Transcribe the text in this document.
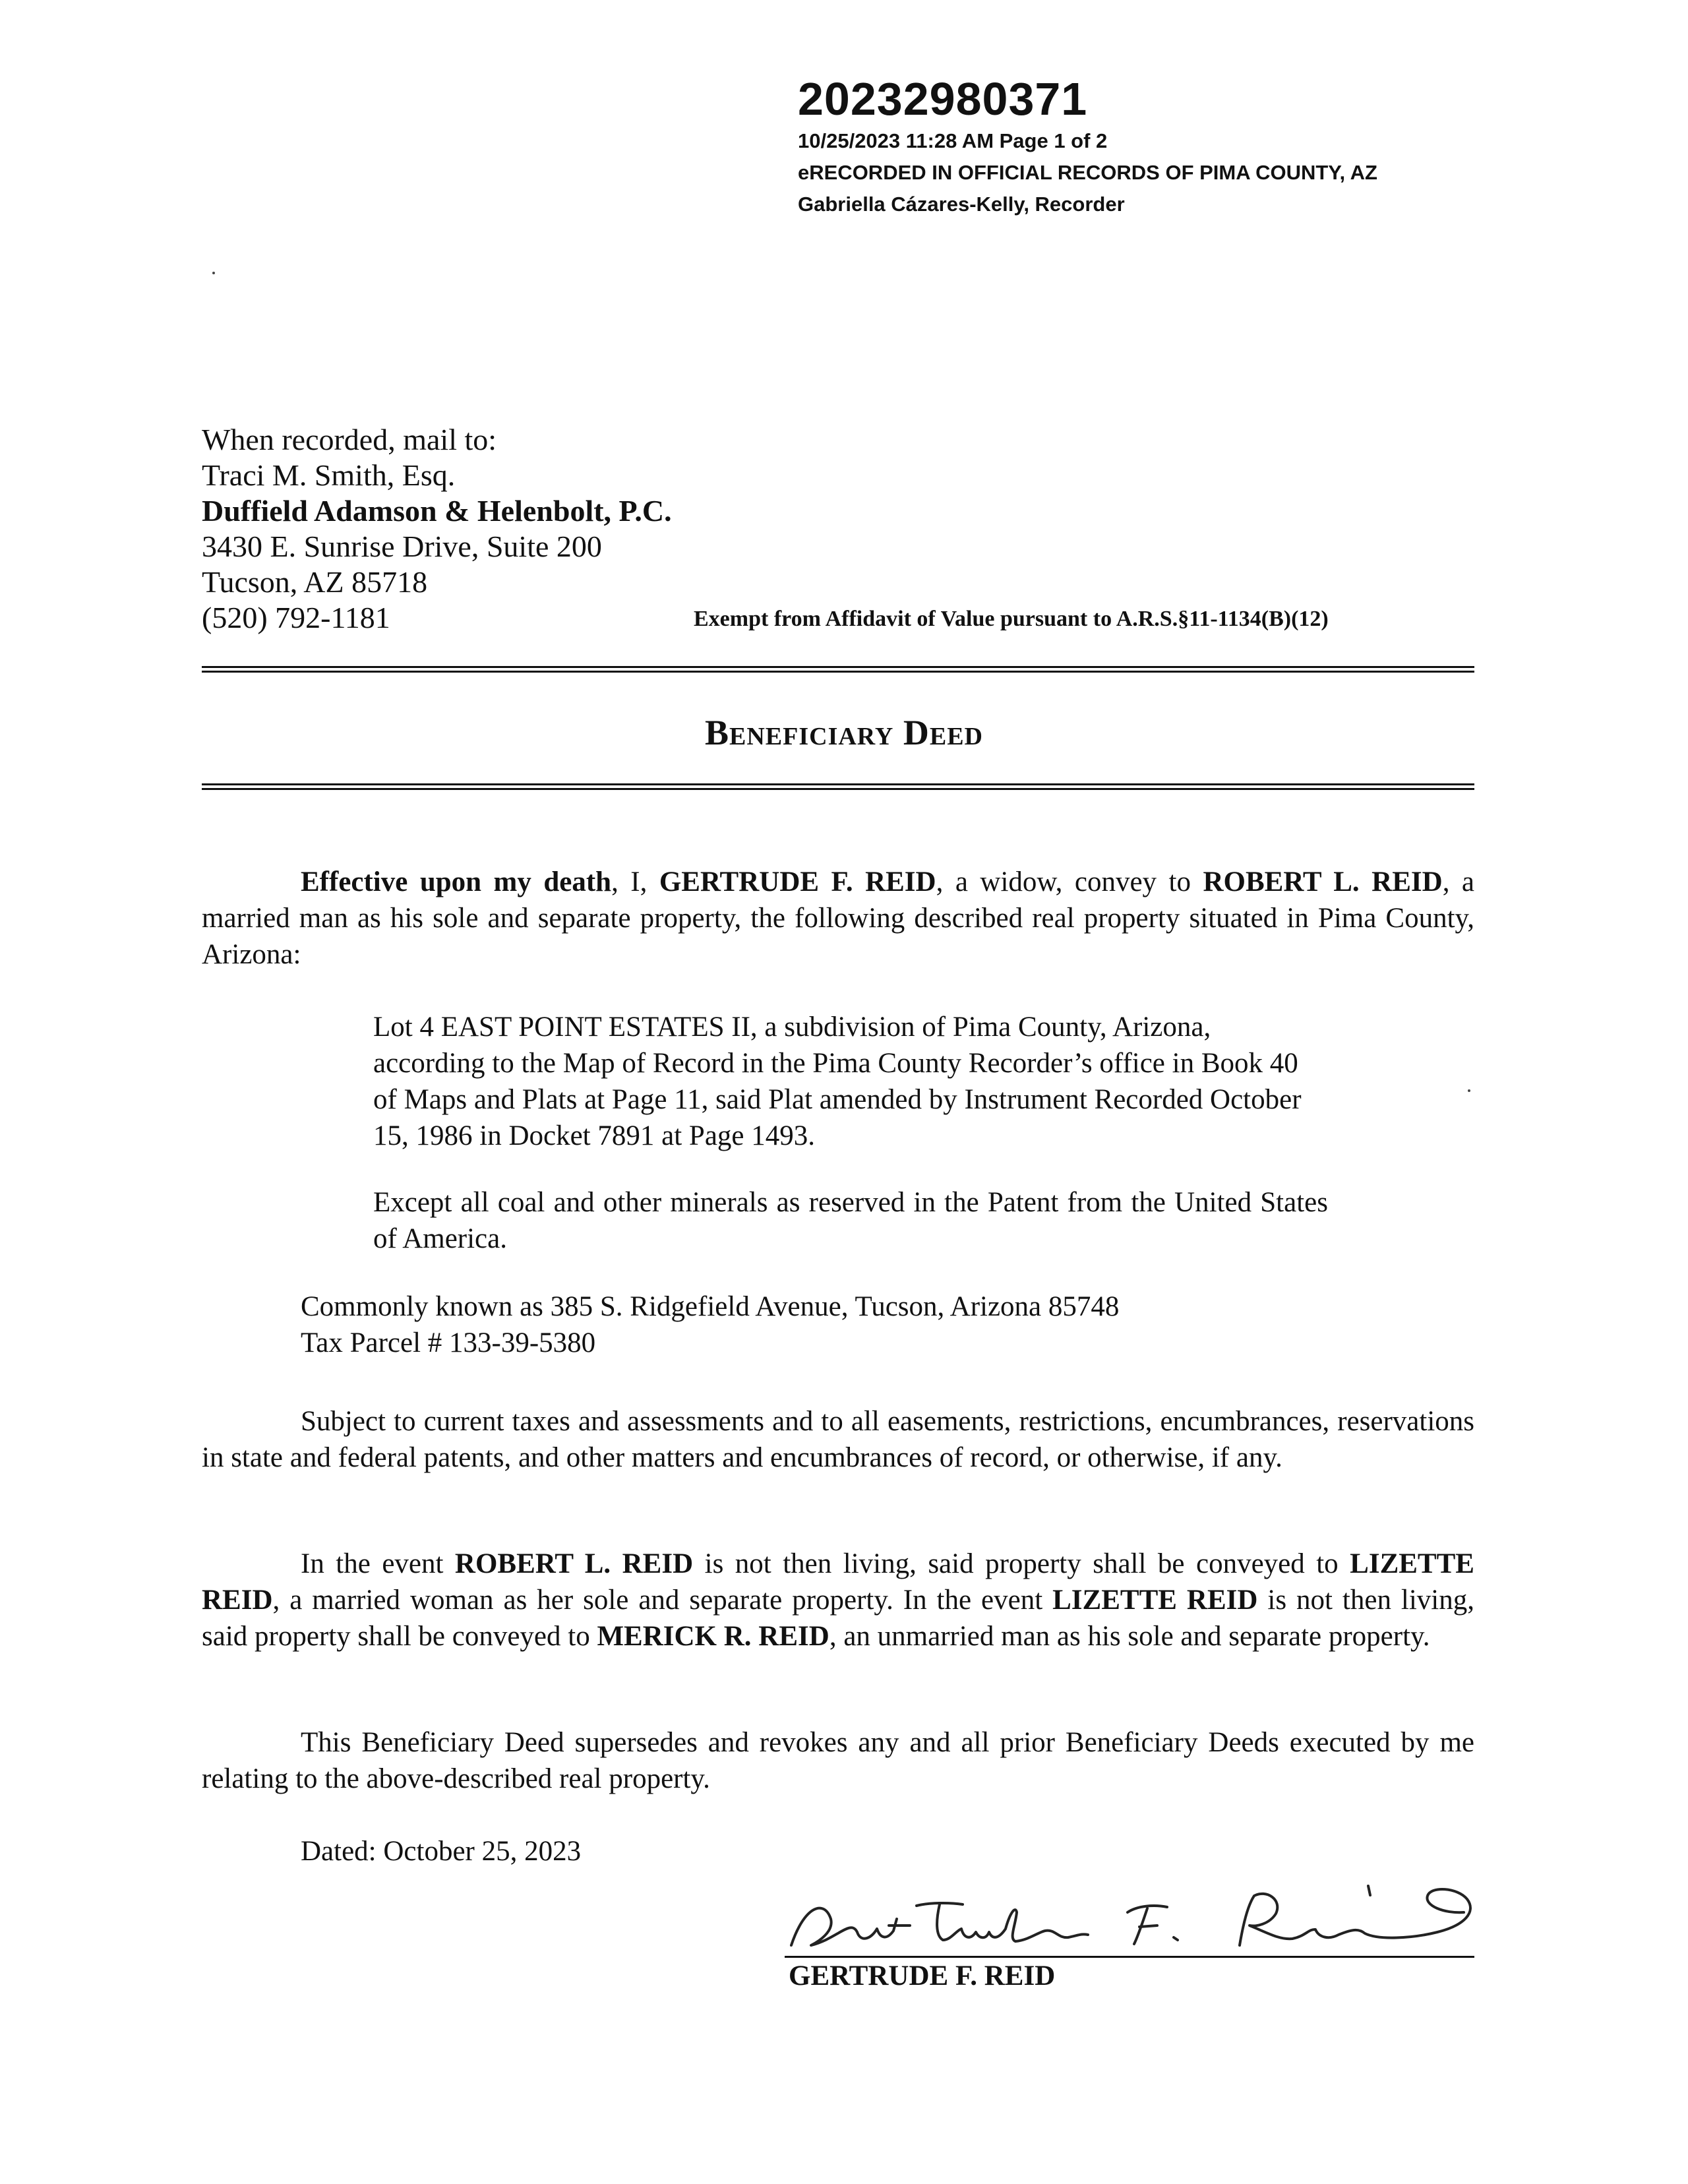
20232980371
10/25/2023 11:28 AM Page 1 of 2
eRECORDED IN OFFICIAL RECORDS OF PIMA COUNTY, AZ
Gabriella Cázares-Kelly, Recorder
When recorded, mail to:
Traci M. Smith, Esq.
Duffield Adamson & Helenbolt, P.C.
3430 E. Sunrise Drive, Suite 200
Tucson, AZ 85718
(520) 792-1181	Exempt from Affidavit of Value pursuant to A.R.S.§11-1134(B)(12)
Beneficiary Deed

Effective upon my death, I, GERTRUDE F. REID, a widow, convey to ROBERT L. REID, a married man as his sole and separate property, the following described real property situated in Pima County, Arizona:

Lot 4 EAST POINT ESTATES II, a subdivision of Pima County, Arizona, according to the Map of Record in the Pima County Recorder’s office in Book 40 of Maps and Plats at Page 11, said Plat amended by Instrument Recorded October 15, 1986 in Docket 7891 at Page 1493.
Except all coal and other minerals as reserved in the Patent from the United States of America.
Commonly known as 385 S. Ridgefield Avenue, Tucson, Arizona 85748
Tax Parcel # 133-39-5380

Subject to current taxes and assessments and to all easements, restrictions, encumbrances, reservations in state and federal patents, and other matters and encumbrances of record, or otherwise, if any.

In the event ROBERT L. REID is not then living, said property shall be conveyed to LIZETTE REID, a married woman as her sole and separate property. In the event LIZETTE REID is not then living, said property shall be conveyed to MERICK R. REID, an unmarried man as his sole and separate property.

This Beneficiary Deed supersedes and revokes any and all prior Beneficiary Deeds executed by me relating to the above-described real property.

Dated: October 25, 2023
GERTRUDE F. REID
